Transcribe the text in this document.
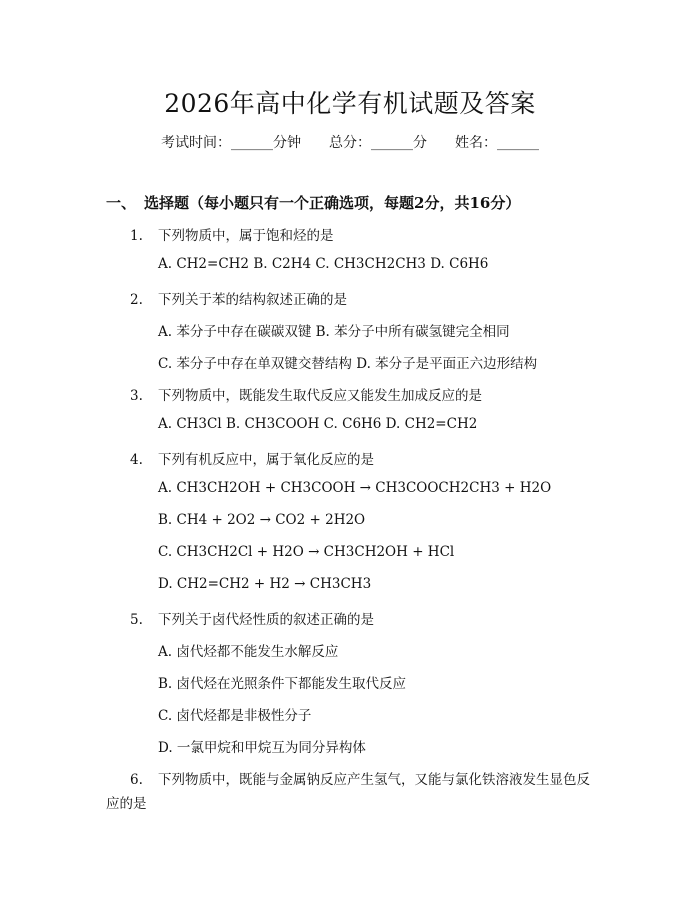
2026年高中化学有机试题及答案
考试时间：______分钟 总分：______分 姓名：______
一、 选择题（每小题只有一个正确选项，每题2分，共16分）
1. 下列物质中，属于饱和烃的是
A. CH2=CH2 B. C2H4 C. CH3CH2CH3 D. C6H6
2. 下列关于苯的结构叙述正确的是
A. 苯分子中存在碳碳双键 B. 苯分子中所有碳氢键完全相同
C. 苯分子中存在单双键交替结构 D. 苯分子是平面正六边形结构
3. 下列物质中，既能发生取代反应又能发生加成反应的是
A. CH3Cl B. CH3COOH C. C6H6 D. CH2=CH2
4. 下列有机反应中，属于氧化反应的是
A. CH3CH2OH + CH3COOH → CH3COOCH2CH3 + H2O
B. CH4 + 2O2 → CO2 + 2H2O
C. CH3CH2Cl + H2O → CH3CH2OH + HCl
D. CH2=CH2 + H2 → CH3CH3
5. 下列关于卤代烃性质的叙述正确的是
A. 卤代烃都不能发生水解反应
B. 卤代烃在光照条件下都能发生取代反应
C. 卤代烃都是非极性分子
D. 一氯甲烷和甲烷互为同分异构体
6. 下列物质中，既能与金属钠反应产生氢气，又能与氯化铁溶液发生显色反
应的是
